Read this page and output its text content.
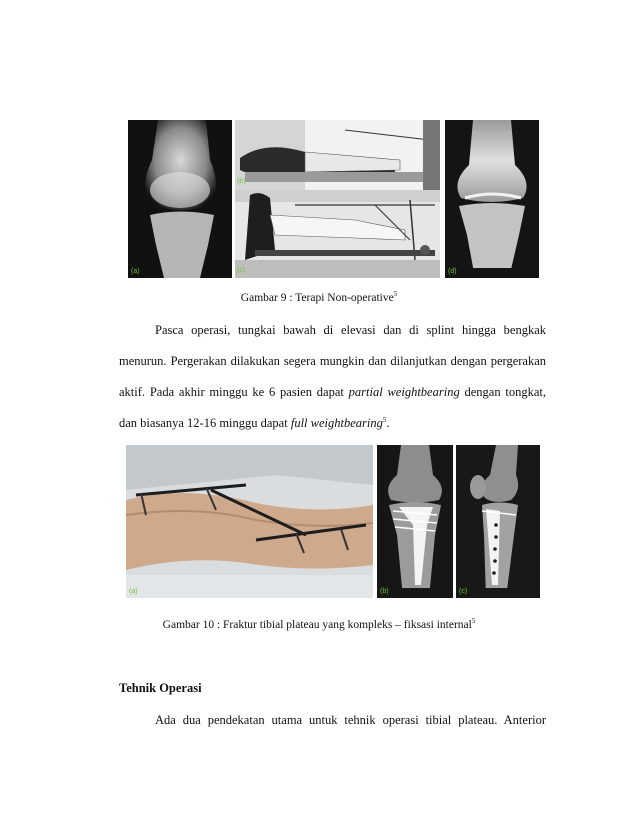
(a)
(b)
(c)	(d)
Gambar 9 : Terapi Non-operative$^5$
Pasca operasi, tungkai bawah di elevasi dan di splint hingga bengkak menurun. Pergerakan dilakukan segera mungkin dan dilanjutkan dengan pergerakan aktif. Pada akhir minggu ke 6 pasien dapat partial weightbearing dengan tongkat, dan biasanya 12-16 minggu dapat full weightbearing$^5$.
(a)	(b)	(c)
Gambar 10 : Fraktur tibial plateau yang kompleks – fiksasi internal$^5$
Tehnik Operasi
Ada dua pendekatan utama untuk tehnik operasi tibial plateau. Anterior
